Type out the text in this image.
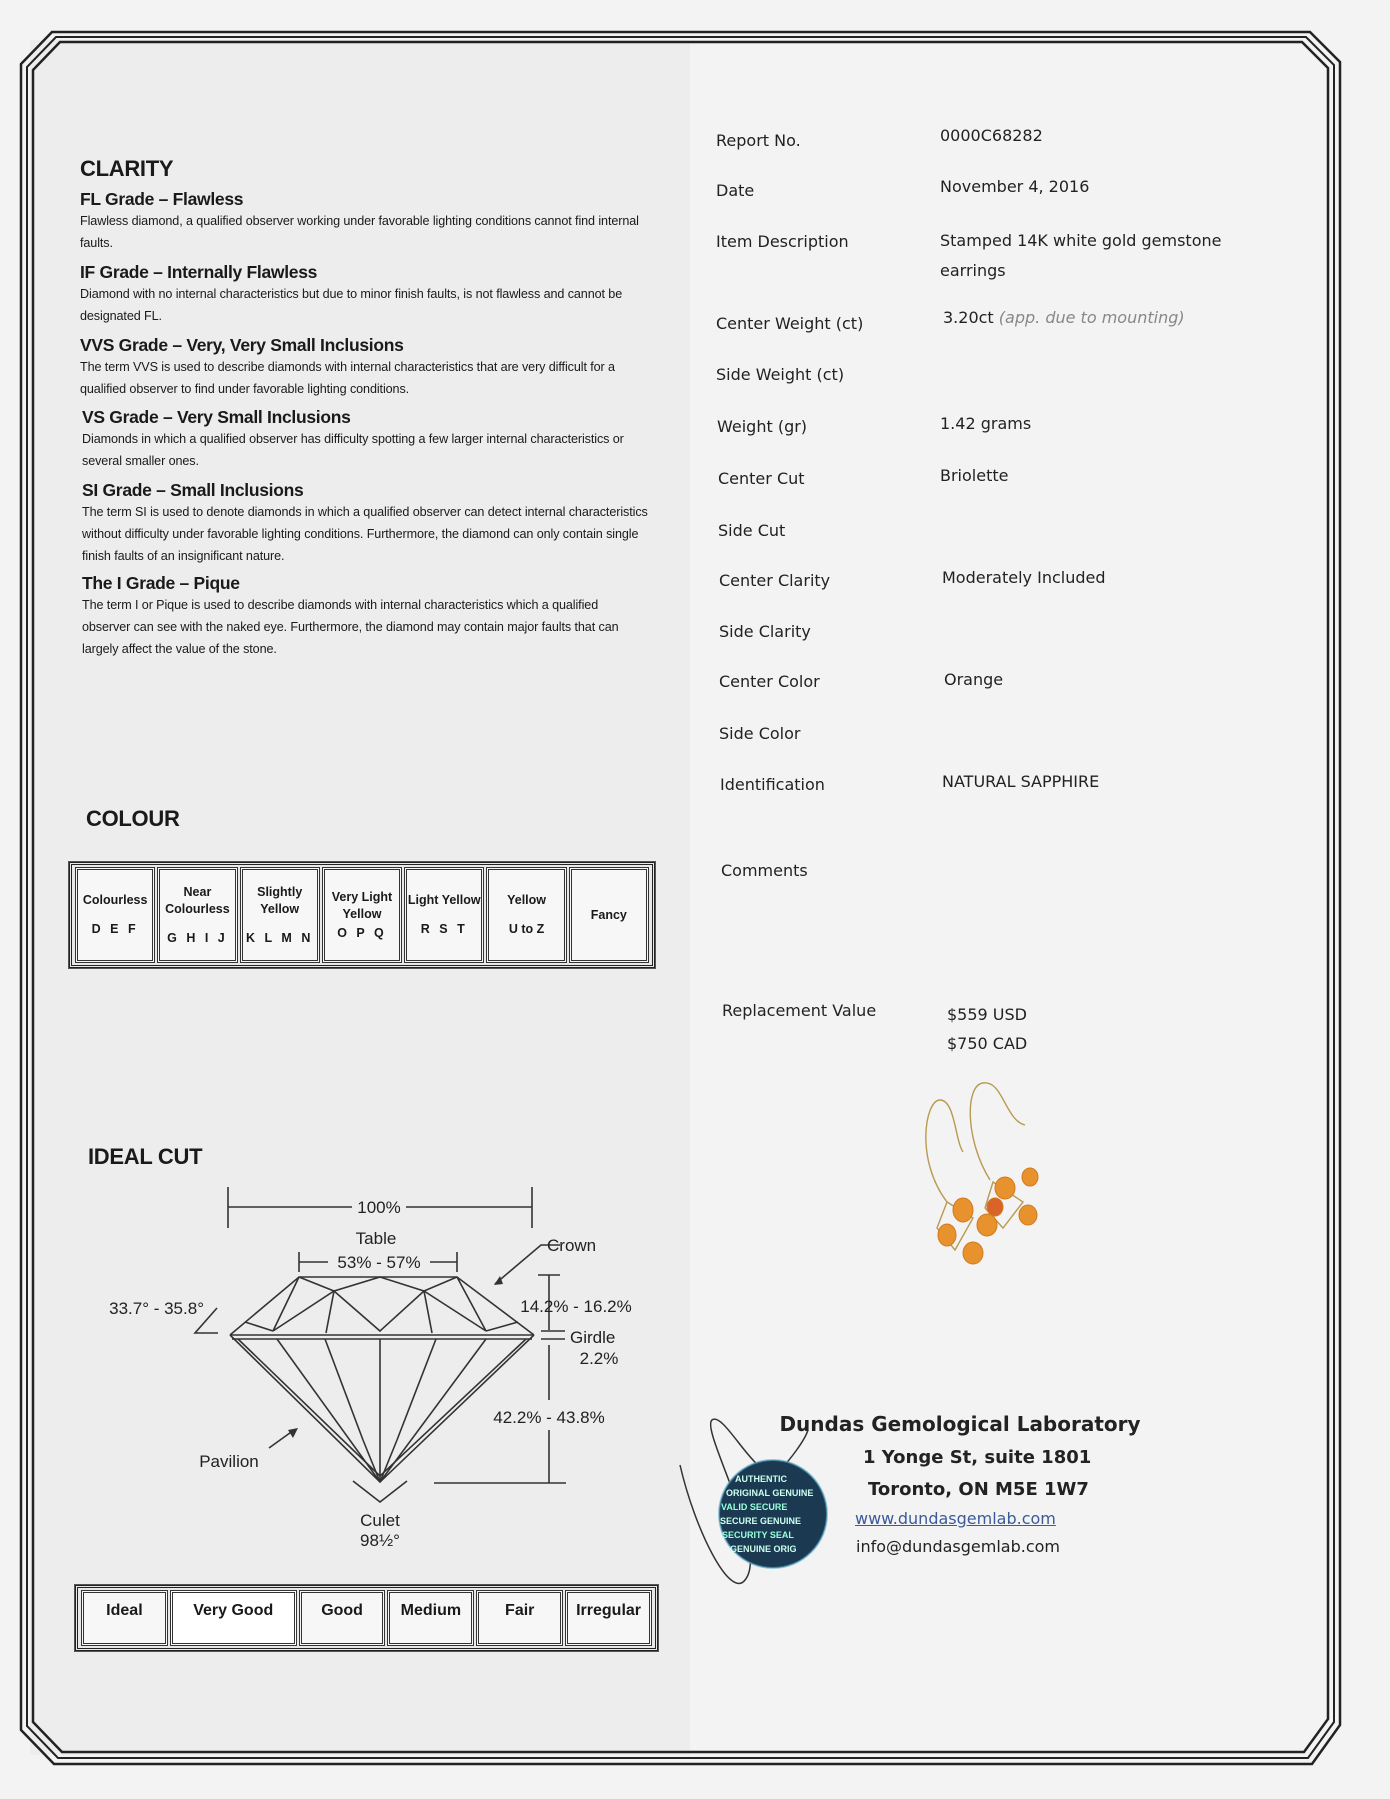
CLARITY
FL Grade – Flawless
Flawless diamond, a qualified observer working under favorable lighting conditions cannot find internal faults.
IF Grade – Internally Flawless
Diamond with no internal characteristics but due to minor finish faults, is not flawless and cannot be designated FL.
VVS Grade – Very, Very Small Inclusions
The term VVS is used to describe diamonds with internal characteristics that are very difficult for a qualified observer to find under favorable lighting conditions.
VS Grade – Very Small Inclusions
Diamonds in which a qualified observer has difficulty spotting a few larger internal characteristics or several smaller ones.
SI Grade – Small Inclusions
The term SI is used to denote diamonds in which a qualified observer can detect internal characteristics without difficulty under favorable lighting conditions. Furthermore, the diamond can only contain single finish faults of an insignificant nature.
The I Grade – Pique
The term I or Pique is used to describe diamonds with internal characteristics which a qualified observer can see with the naked eye. Furthermore, the diamond may contain major faults that can largely affect the value of the stone.
COLOUR
Colourless
D E F
Near Colourless
G H I J
Slightly Yellow
K L M N
Very Light Yellow
O P Q
Light Yellow
R S T
Yellow
U to Z
Fancy
IDEAL CUT
100%
Table
53% - 57%
Crown
33.7° - 35.8°	14.2% - 16.2%
Girdle
2.2%
42.2% - 43.8%
Pavilion
Culet
98½°
Ideal	Very Good	Good	Medium	Fair	Irregular
Report No.	0000C68282
Date	November 4, 2016
Item Description	Stamped 14K white gold gemstone earrings
Center Weight (ct)	3.20ct (app. due to mounting)
Side Weight (ct)
Weight (gr)	1.42 grams
Center Cut	Briolette
Side Cut
Center Clarity	Moderately Included
Side Clarity
Center Color	Orange
Side Color
Identification	NATURAL SAPPHIRE
Comments
Replacement Value	$559 USD
$750 CAD
AUTHENTIC
ORIGINAL GENUINE
VALID SECURE
SECURE GENUINE
SECURITY SEAL
GENUINE ORIG
Dundas Gemological Laboratory
1 Yonge St, suite 1801
Toronto, ON M5E 1W7
www.dundasgemlab.com
info@dundasgemlab.com
